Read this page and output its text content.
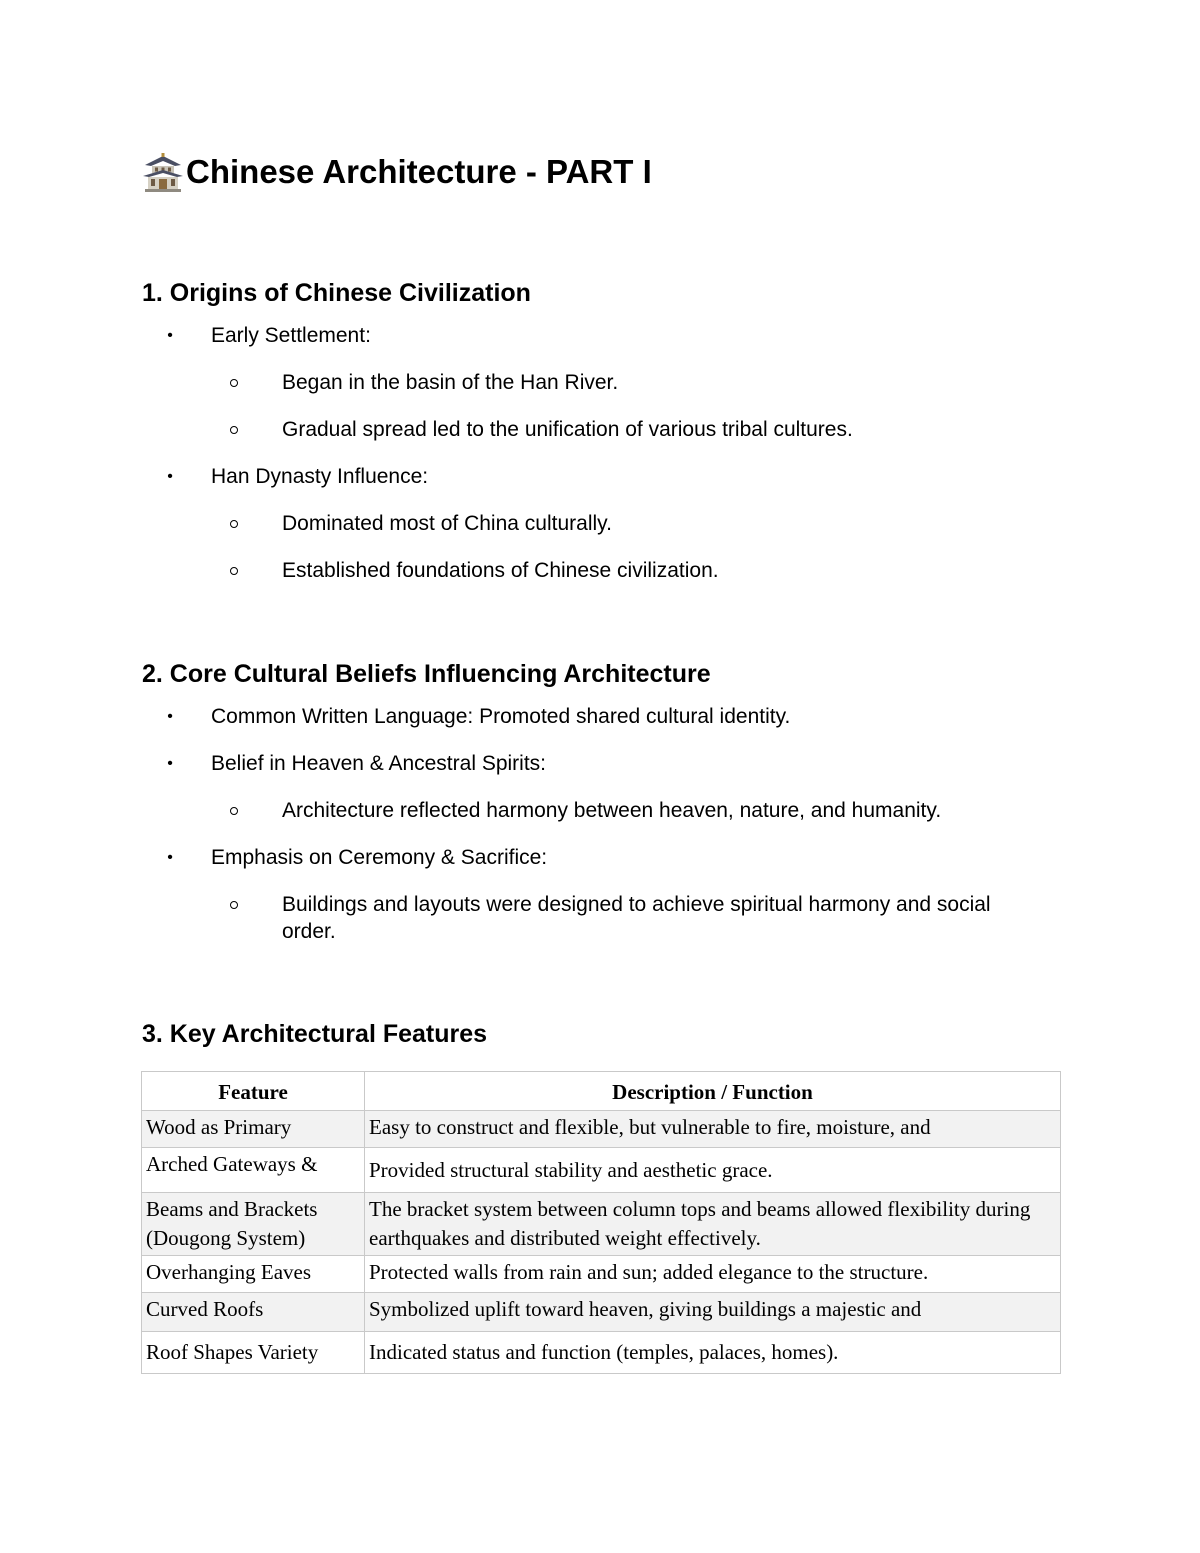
Chinese Architecture - PART I
1. Origins of Chinese Civilization
•	Early Settlement:
Began in the basin of the Han River.
Gradual spread led to the unification of various tribal cultures.
•	Han Dynasty Influence:
Dominated most of China culturally.
Established foundations of Chinese civilization.
2. Core Cultural Beliefs Influencing Architecture
•	Common Written Language: Promoted shared cultural identity.
•	Belief in Heaven & Ancestral Spirits:
Architecture reflected harmony between heaven, nature, and humanity.
•	Emphasis on Ceremony & Sacrifice:
Buildings and layouts were designed to achieve spiritual harmony and social order.
3. Key Architectural Features
Feature	Description / Function
Wood as Primary	Easy to construct and flexible, but vulnerable to fire, moisture, and
Arched Gateways &	Provided structural stability and aesthetic grace.
Beams and Brackets (Dougong System)	The bracket system between column tops and beams allowed flexibility during earthquakes and distributed weight effectively.
Overhanging Eaves	Protected walls from rain and sun; added elegance to the structure.
Curved Roofs	Symbolized uplift toward heaven, giving buildings a majestic and
Roof Shapes Variety	Indicated status and function (temples, palaces, homes).
